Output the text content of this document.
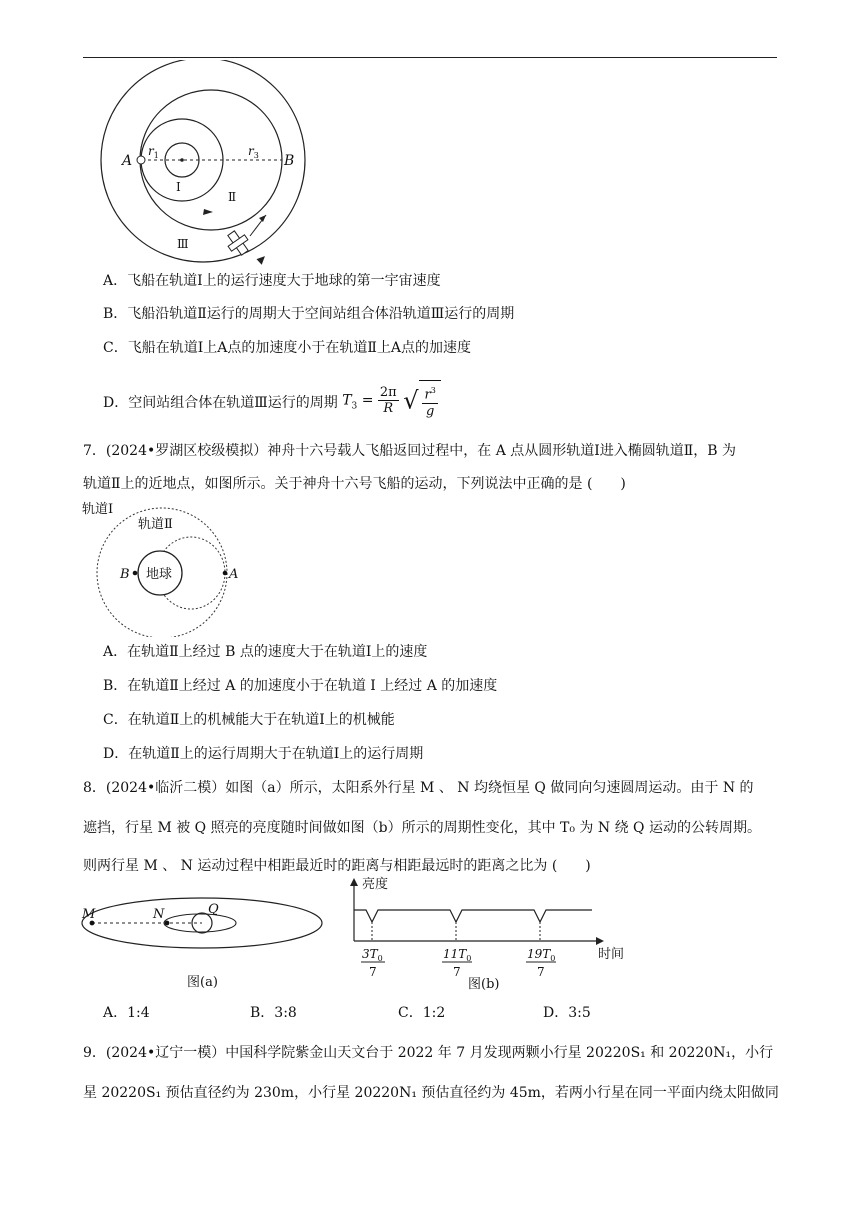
A	B
$r_1$	$r_3$
Ⅰ
Ⅱ
Ⅲ
A．飞船在轨道Ⅰ上的运行速度大于地球的第一宇宙速度
B．飞船沿轨道Ⅱ运行的周期大于空间站组合体沿轨道Ⅲ运行的周期
C．飞船在轨道Ⅰ上A点的加速度小于在轨道Ⅱ上A点的加速度
D．空间站组合体在轨道Ⅲ运行的周期 $T_3 = \frac{2\pi}{R}$ √ $\frac{r^3}{g}$
7．(2024•罗湖区校级模拟）神舟十六号载人飞船返回过程中，在 A 点从圆形轨道Ⅰ进入椭圆轨道Ⅱ，B 为
轨道Ⅱ上的近地点，如图所示。关于神舟十六号飞船的运动，下列说法中正确的是 (　　)
轨道Ⅰ
轨道Ⅱ
地球
B	A
A．在轨道Ⅱ上经过 B 点的速度大于在轨道Ⅰ上的速度
B．在轨道Ⅱ上经过 A 的加速度小于在轨道 I 上经过 A 的加速度
C．在轨道Ⅱ上的机械能大于在轨道Ⅰ上的机械能
D．在轨道Ⅱ上的运行周期大于在轨道Ⅰ上的运行周期
8．(2024•临沂二模）如图（a）所示，太阳系外行星 M 、 N 均绕恒星 Q 做同向匀速圆周运动。由于 N 的
遮挡，行星 M 被 Q 照亮的亮度随时间做如图（b）所示的周期性变化，其中 T₀ 为 N 绕 Q 运动的公转周期。
则两行星 M 、 N 运动过程中相距最近时的距离与相距最远时的距离之比为 (　　)
M	N	Q
图(a)
亮度
时间
$3T_0$
7
$11T_0$
7
$19T_0$
7
图(b)
A．1:4	B．3:8	C．1:2	D．3:5
9．(2024•辽宁一模）中国科学院紫金山天文台于 2022 年 7 月发现两颗小行星 20220S₁ 和 20220N₁，小行
星 20220S₁ 预估直径约为 230m，小行星 20220N₁ 预估直径约为 45m，若两小行星在同一平面内绕太阳做同
